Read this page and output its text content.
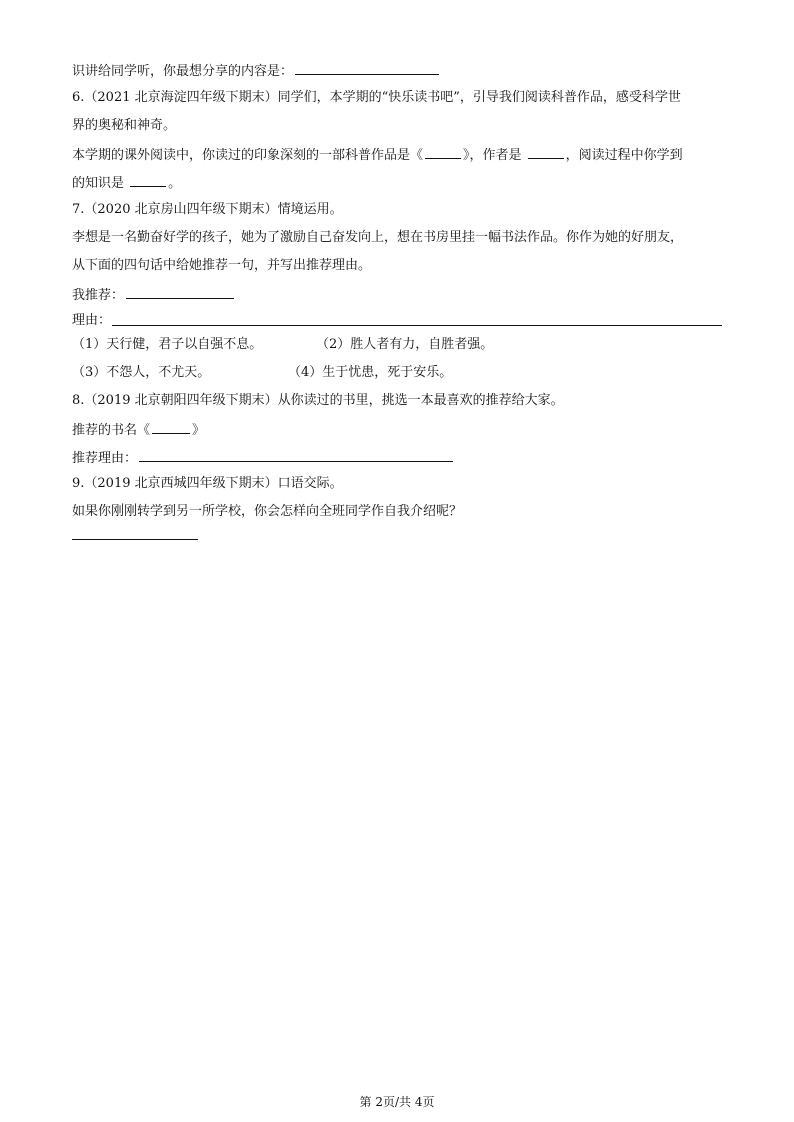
识讲给同学听，你最想分享的内容是：
6.（2021 北京海淀四年级下期末）同学们，本学期的“快乐读书吧”，引导我们阅读科普作品，感受科学世
界的奥秘和神奇。
本学期的课外阅读中，你读过的印象深刻的一部科普作品是《	》，作者是	，阅读过程中你学到
的知识是	。
7.（2020 北京房山四年级下期末）情境运用。
李想是一名勤奋好学的孩子，她为了激励自己奋发向上，想在书房里挂一幅书法作品。你作为她的好朋友，
从下面的四句话中给她推荐一句，并写出推荐理由。
我推荐：
理由：
（1）天行健，君子以自强不息。	（2）胜人者有力，自胜者强。
（3）不怨人，不尤天。	（4）生于忧患，死于安乐。
8.（2019 北京朝阳四年级下期末）从你读过的书里，挑选一本最喜欢的推荐给大家。
推荐的书名《	》
推荐理由：
9.（2019 北京西城四年级下期末）口语交际。
如果你刚刚转学到另一所学校，你会怎样向全班同学作自我介绍呢？
第 2页/共 4页
